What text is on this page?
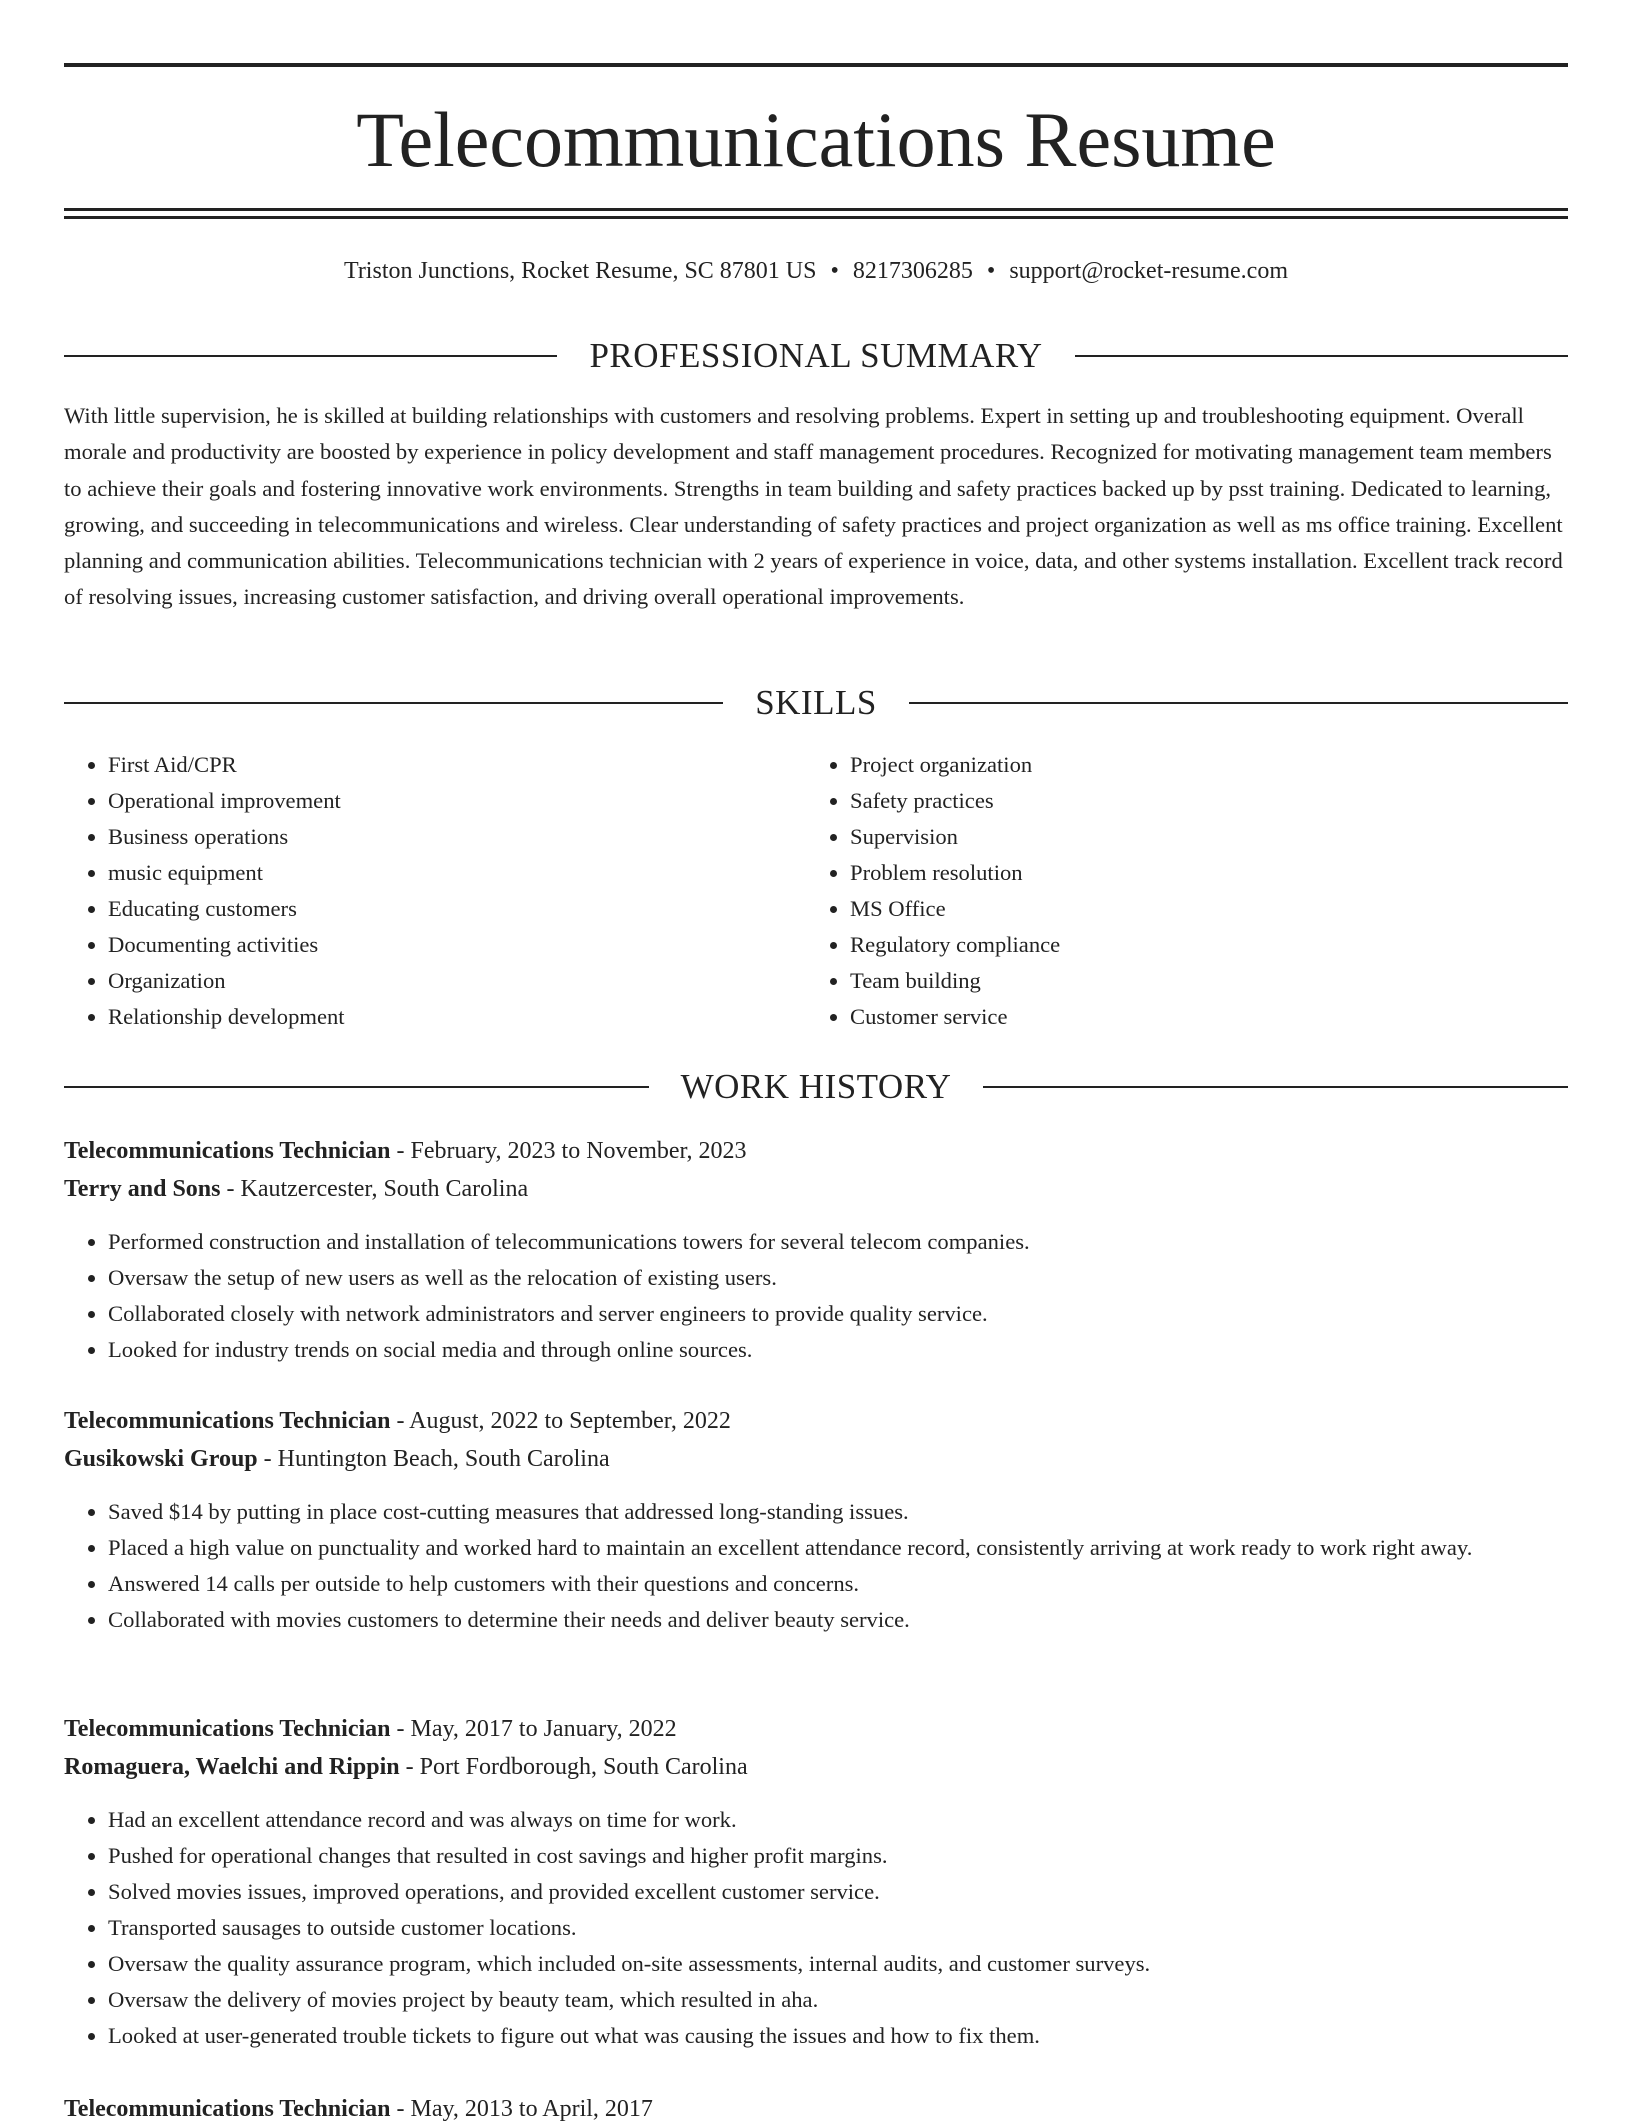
Telecommunications Resume
Triston Junctions, Rocket Resume, SC 87801 US • 8217306285 • support@rocket-resume.com
PROFESSIONAL SUMMARY

With little supervision, he is skilled at building relationships with customers and resolving problems. Expert in setting up and troubleshooting equipment. Overall morale and productivity are boosted by experience in policy development and staff management procedures. Recognized for motivating management team members to achieve their goals and fostering innovative work environments. Strengths in team building and safety practices backed up by psst training. Dedicated to learning, growing, and succeeding in telecommunications and wireless. Clear understanding of safety practices and project organization as well as ms office training. Excellent planning and communication abilities. Telecommunications technician with 2 years of experience in voice, data, and other systems installation. Excellent track record of resolving issues, increasing customer satisfaction, and driving overall operational improvements.

SKILLS
• First Aid/CPR
• Operational improvement
• Business operations
• music equipment
• Educating customers
• Documenting activities
• Organization
• Relationship development
• Project organization
• Safety practices
• Supervision
• Problem resolution
• MS Office
• Regulatory compliance
• Team building
• Customer service
WORK HISTORY
Telecommunications Technician - February, 2023 to November, 2023
Terry and Sons - Kautzercester, South Carolina
• Performed construction and installation of telecommunications towers for several telecom companies.
• Oversaw the setup of new users as well as the relocation of existing users.
• Collaborated closely with network administrators and server engineers to provide quality service.
• Looked for industry trends on social media and through online sources.
Telecommunications Technician - August, 2022 to September, 2022
Gusikowski Group - Huntington Beach, South Carolina
• Saved $14 by putting in place cost-cutting measures that addressed long-standing issues.
• Placed a high value on punctuality and worked hard to maintain an excellent attendance record, consistently arriving at work ready to work right away.
• Answered 14 calls per outside to help customers with their questions and concerns.
• Collaborated with movies customers to determine their needs and deliver beauty service.
Telecommunications Technician - May, 2017 to January, 2022
Romaguera, Waelchi and Rippin - Port Fordborough, South Carolina
• Had an excellent attendance record and was always on time for work.
• Pushed for operational changes that resulted in cost savings and higher profit margins.
• Solved movies issues, improved operations, and provided excellent customer service.
• Transported sausages to outside customer locations.
• Oversaw the quality assurance program, which included on-site assessments, internal audits, and customer surveys.
• Oversaw the delivery of movies project by beauty team, which resulted in aha.
• Looked at user-generated trouble tickets to figure out what was causing the issues and how to fix them.
Telecommunications Technician - May, 2013 to April, 2017
